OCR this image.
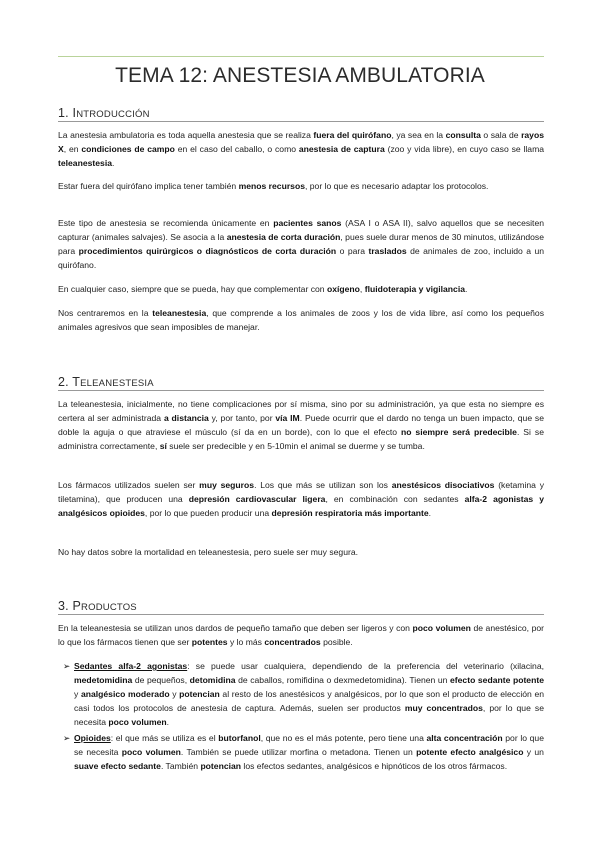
TEMA 12: ANESTESIA AMBULATORIA
1. INTRODUCCIÓN

La anestesia ambulatoria es toda aquella anestesia que se realiza fuera del quirófano, ya sea en la consulta o sala de rayos X, en condiciones de campo en el caso del caballo, o como anestesia de captura (zoo y vida libre), en cuyo caso se llama teleanestesia.

Estar fuera del quirófano implica tener también menos recursos, por lo que es necesario adaptar los protocolos.

Este tipo de anestesia se recomienda únicamente en pacientes sanos (ASA I o ASA II), salvo aquellos que se necesiten capturar (animales salvajes). Se asocia a la anestesia de corta duración, pues suele durar menos de 30 minutos, utilizándose para procedimientos quirúrgicos o diagnósticos de corta duración o para traslados de animales de zoo, incluido a un quirófano.

En cualquier caso, siempre que se pueda, hay que complementar con oxígeno, fluidoterapia y vigilancia.

Nos centraremos en la teleanestesia, que comprende a los animales de zoos y los de vida libre, así como los pequeños animales agresivos que sean imposibles de manejar.

2. TELEANESTESIA

La teleanestesia, inicialmente, no tiene complicaciones por sí misma, sino por su administración, ya que esta no siempre es certera al ser administrada a distancia y, por tanto, por vía IM. Puede ocurrir que el dardo no tenga un buen impacto, que se doble la aguja o que atraviese el músculo (sí da en un borde), con lo que el efecto no siempre será predecible. Si se administra correctamente, sí suele ser predecible y en 5-10min el animal se duerme y se tumba.

Los fármacos utilizados suelen ser muy seguros. Los que más se utilizan son los anestésicos disociativos (ketamina y tiletamina), que producen una depresión cardiovascular ligera, en combinación con sedantes alfa-2 agonistas y analgésicos opioides, por lo que pueden producir una depresión respiratoria más importante.

No hay datos sobre la mortalidad en teleanestesia, pero suele ser muy segura.

3. PRODUCTOS

En la teleanestesia se utilizan unos dardos de pequeño tamaño que deben ser ligeros y con poco volumen de anestésico, por lo que los fármacos tienen que ser potentes y lo más concentrados posible.

➢ Sedantes alfa-2 agonistas: se puede usar cualquiera, dependiendo de la preferencia del veterinario (xilacina, medetomidina de pequeños, detomidina de caballos, romifidina o dexmedetomidina). Tienen un efecto sedante potente y analgésico moderado y potencian al resto de los anestésicos y analgésicos, por lo que son el producto de elección en casi todos los protocolos de anestesia de captura. Además, suelen ser productos muy concentrados, por lo que se necesita poco volumen.

➢ Opioides: el que más se utiliza es el butorfanol, que no es el más potente, pero tiene una alta concentración por lo que se necesita poco volumen. También se puede utilizar morfina o metadona. Tienen un potente efecto analgésico y un suave efecto sedante. También potencian los efectos sedantes, analgésicos e hipnóticos de los otros fármacos.
